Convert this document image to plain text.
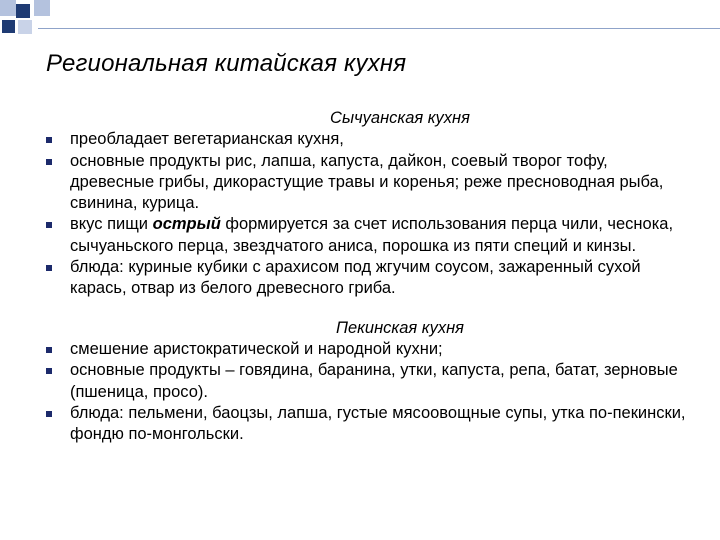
Региональная китайская кухня

Сычуанская кухня

преобладает вегетарианская кухня,
основные продукты рис, лапша, капуста, дайкон, соевый творог тофу, древесные грибы, дикорастущие травы и коренья; реже пресноводная рыба, свинина, курица.
вкус пищи острый формируется за счет использования перца чили, чеснока, сычуаньского перца, звездчатого аниса, порошка из пяти специй и кинзы.
блюда: куриные кубики с арахисом под жгучим соусом, зажаренный сухой карась, отвар из белого древесного гриба.

Пекинская кухня

смешение аристократической и народной кухни;
основные продукты – говядина, баранина, утки, капуста, репа, батат, зерновые (пшеница, просо).
блюда: пельмени, баоцзы, лапша, густые мясоовощные супы, утка по-пекински, фондю по-монгольски.
